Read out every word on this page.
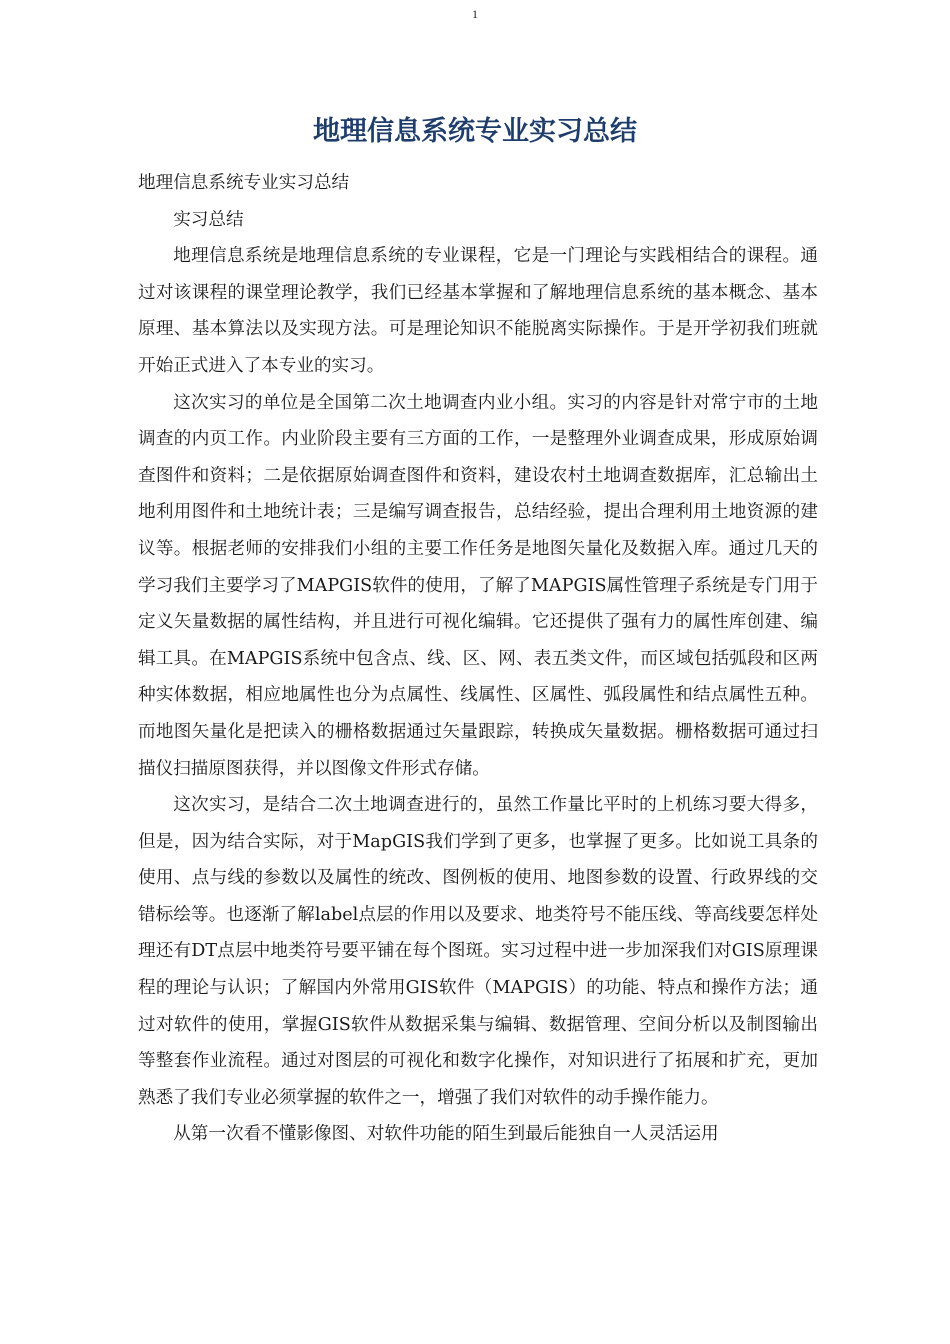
1
地理信息系统专业实习总结

地理信息系统专业实习总结

实习总结

地理信息系统是地理信息系统的专业课程，它是一门理论与实践相结合的课程。通过对该课程的课堂理论教学，我们已经基本掌握和了解地理信息系统的基本概念、基本原理、基本算法以及实现方法。可是理论知识不能脱离实际操作。于是开学初我们班就开始正式进入了本专业的实习。

这次实习的单位是全国第二次土地调查内业小组。实习的内容是针对常宁市的土地调查的内页工作。内业阶段主要有三方面的工作，一是整理外业调查成果，形成原始调查图件和资料；二是依据原始调查图件和资料，建设农村土地调查数据库，汇总输出土地利用图件和土地统计表；三是编写调查报告，总结经验，提出合理利用土地资源的建议等。根据老师的安排我们小组的主要工作任务是地图矢量化及数据入库。通过几天的学习我们主要学习了MAPGIS软件的使用，了解了MAPGIS属性管理子系统是专门用于定义矢量数据的属性结构，并且进行可视化编辑。它还提供了强有力的属性库创建、编辑工具。在MAPGIS系统中包含点、线、区、网、表五类文件，而区域包括弧段和区两种实体数据，相应地属性也分为点属性、线属性、区属性、弧段属性和结点属性五种。而地图矢量化是把读入的栅格数据通过矢量跟踪，转换成矢量数据。栅格数据可通过扫描仪扫描原图获得，并以图像文件形式存储。

这次实习，是结合二次土地调查进行的，虽然工作量比平时的上机练习要大得多，但是，因为结合实际，对于MapGIS我们学到了更多，也掌握了更多。比如说工具条的使用、点与线的参数以及属性的统改、图例板的使用、地图参数的设置、行政界线的交错标绘等。也逐渐了解label点层的作用以及要求、地类符号不能压线、等高线要怎样处理还有DT点层中地类符号要平铺在每个图斑。实习过程中进一步加深我们对GIS原理课程的理论与认识；了解国内外常用GIS软件（MAPGIS）的功能、特点和操作方法；通过对软件的使用，掌握GIS软件从数据采集与编辑、数据管理、空间分析以及制图输出等整套作业流程。通过对图层的可视化和数字化操作，对知识进行了拓展和扩充，更加熟悉了我们专业必须掌握的软件之一，增强了我们对软件的动手操作能力。

从第一次看不懂影像图、对软件功能的陌生到最后能独自一人灵活运用
